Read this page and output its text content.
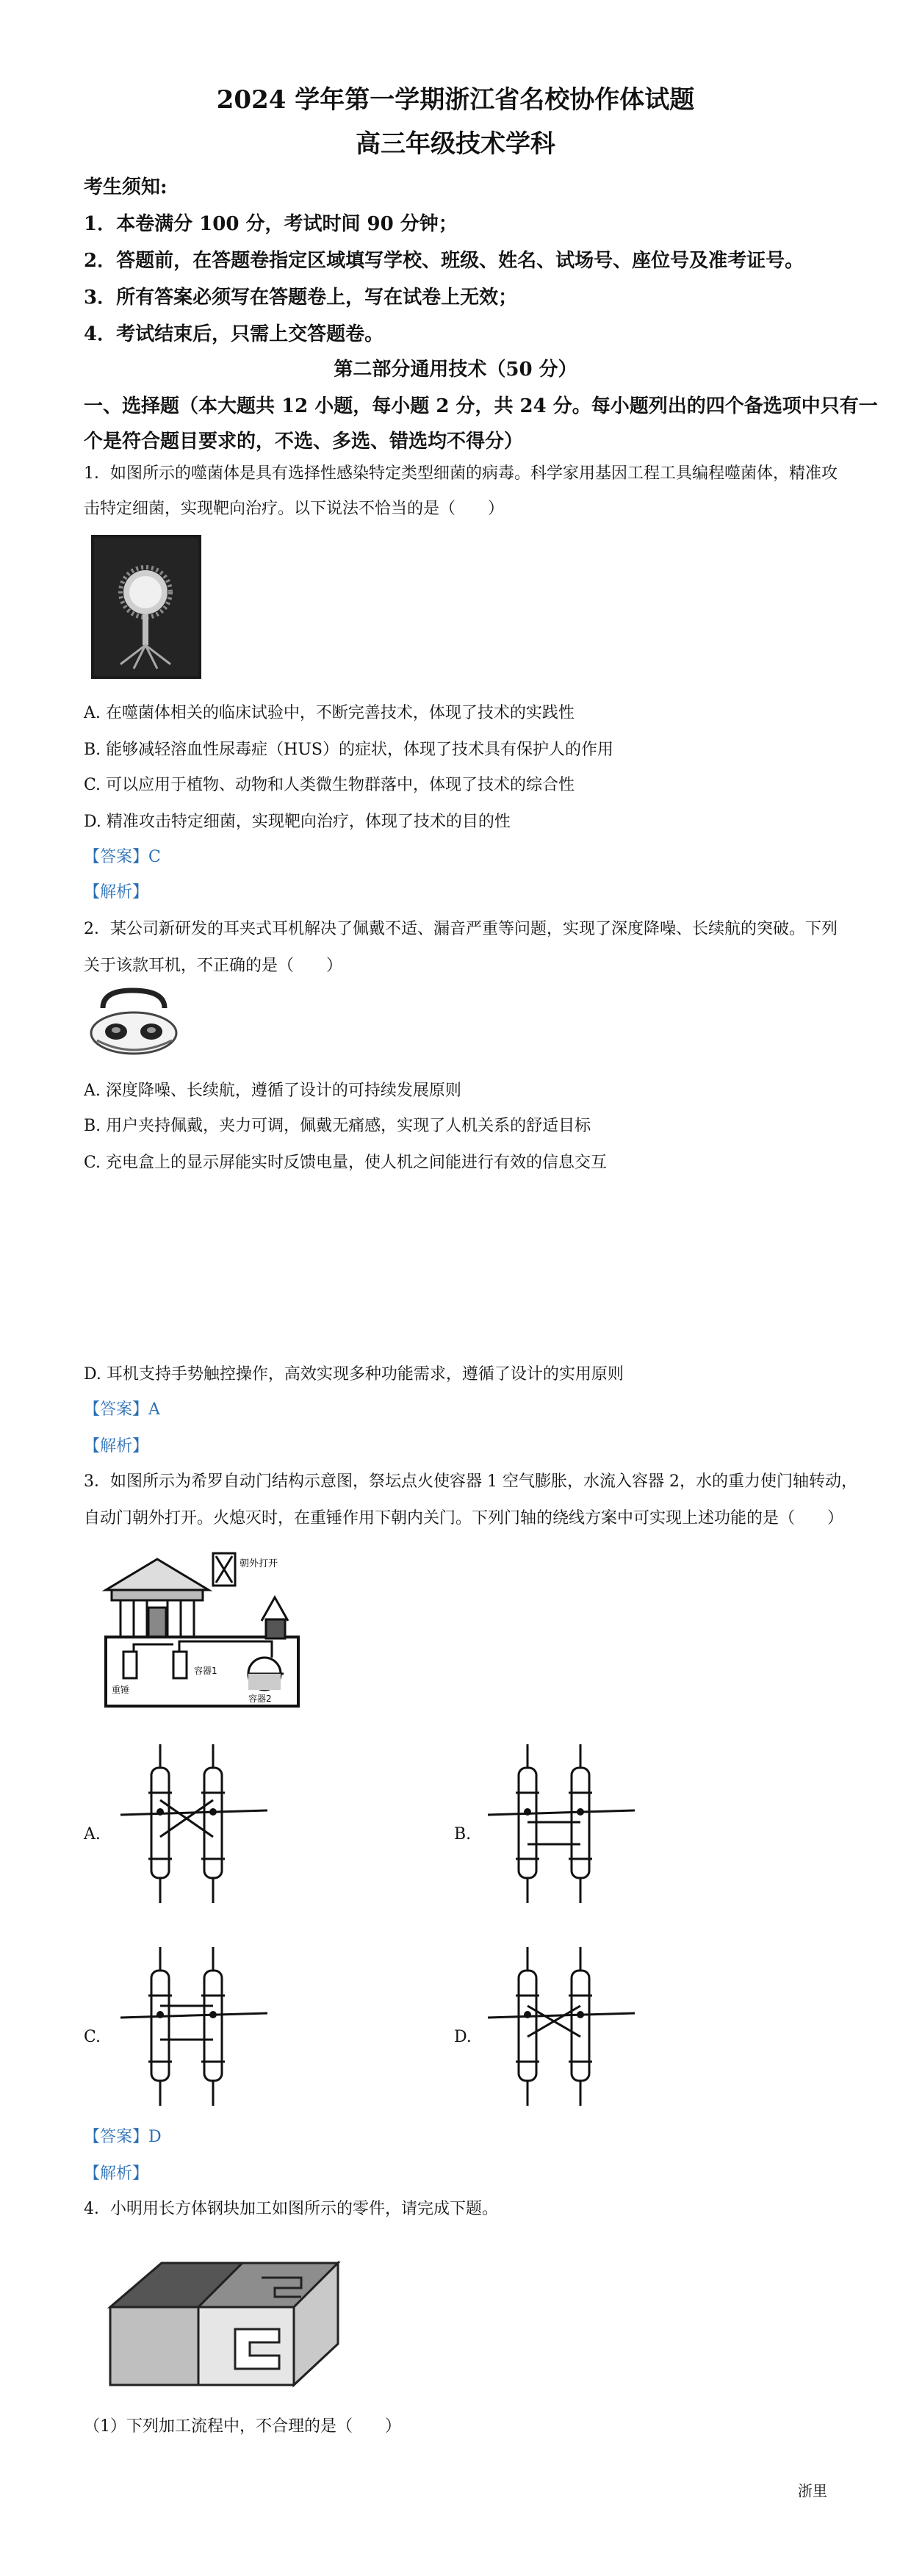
2024 学年第一学期浙江省名校协作体试题
高三年级技术学科
考生须知:
1．本卷满分 100 分，考试时间 90 分钟；
2．答题前，在答题卷指定区域填写学校、班级、姓名、试场号、座位号及准考证号。
3．所有答案必须写在答题卷上，写在试卷上无效；
4．考试结束后，只需上交答题卷。
第二部分通用技术（50 分）
一、选择题（本大题共 12 小题，每小题 2 分，共 24 分。每小题列出的四个备选项中只有一
个是符合题目要求的，不选、多选、错选均不得分）
1．如图所示的噬菌体是具有选择性感染特定类型细菌的病毒。科学家用基因工程工具编程噬菌体，精准攻
击特定细菌，实现靶向治疗。以下说法不恰当的是（　　）
A. 在噬菌体相关的临床试验中，不断完善技术，体现了技术的实践性
B. 能够减轻溶血性尿毒症（HUS）的症状，体现了技术具有保护人的作用
C. 可以应用于植物、动物和人类微生物群落中，体现了技术的综合性
D. 精准攻击特定细菌，实现靶向治疗，体现了技术的目的性
【答案】C
【解析】
2．某公司新研发的耳夹式耳机解决了佩戴不适、漏音严重等问题，实现了深度降噪、长续航的突破。下列
关于该款耳机，不正确的是（　　）
A. 深度降噪、长续航，遵循了设计的可持续发展原则
B. 用户夹持佩戴，夹力可调，佩戴无痛感，实现了人机关系的舒适目标
C. 充电盒上的显示屏能实时反馈电量，使人机之间能进行有效的信息交互
D. 耳机支持手势触控操作，高效实现多种功能需求，遵循了设计的实用原则
【答案】A
【解析】
3．如图所示为希罗自动门结构示意图，祭坛点火使容器 1 空气膨胀，水流入容器 2，水的重力使门轴转动，
自动门朝外打开。火熄灭时，在重锤作用下朝内关门。下列门轴的绕线方案中可实现上述功能的是（　　）
朝外打开
容器1
容器2
重锤
A.	B.
C.	D.
【答案】D
【解析】
4．小明用长方体钢块加工如图所示的零件，请完成下题。
（1）下列加工流程中，不合理的是（　　）
浙里
